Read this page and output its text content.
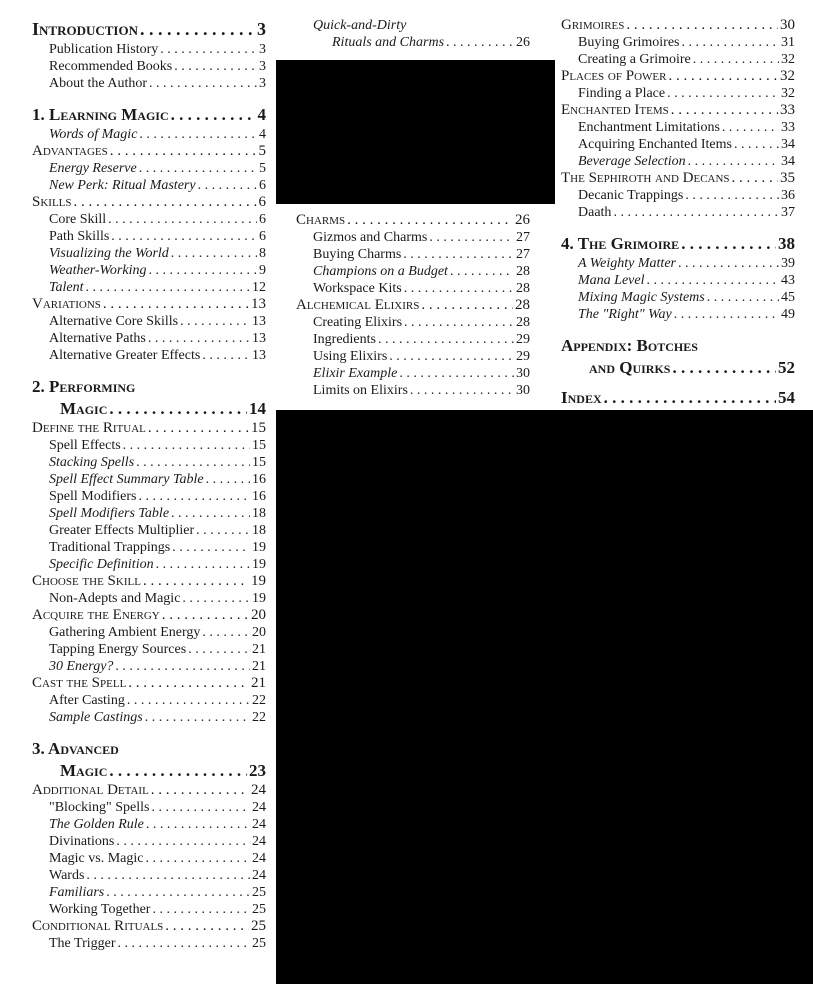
Introduction . . .	3
Publication History . . .	3
Recommended Books . . .	3
About the Author . . .	3
1. Learning Magic . . .	4
Words of Magic . . .	4
Advantages . . .	5
Energy Reserve . . .	5
New Perk: Ritual Mastery . . .	6
Skills . . .	6
Core Skill . . .	6
Path Skills . . .	6
Visualizing the World . . .	8
Weather-Working . . .	9
Talent . . .	12
Variations . . .	13
Alternative Core Skills . . .	13
Alternative Paths . . .	13
Alternative Greater Effects . . .	13
2. Performing
Magic . . .	14
Define the Ritual . . .	15
Spell Effects . . .	15
Stacking Spells . . .	15
Spell Effect Summary Table . . .	16
Spell Modifiers . . .	16
Spell Modifiers Table . . .	18
Greater Effects Multiplier . . .	18
Traditional Trappings . . .	19
Specific Definition . . .	19
Choose the Skill . . .	19
Non-Adepts and Magic . . .	19
Acquire the Energy . . .	20
Gathering Ambient Energy . . .	20
Tapping Energy Sources . . .	21
30 Energy? . . .	21
Cast the Spell . . .	21
After Casting . . .	22
Sample Castings . . .	22
3. Advanced
Magic . . .	23
Additional Detail . . .	24
"Blocking" Spells . . .	24
The Golden Rule . . .	24
Divinations . . .	24
Magic vs. Magic . . .	24
Wards . . .	24
Familiars . . .	25
Working Together . . .	25
Conditional Rituals . . .	25
The Trigger . . .	25
Quick-and-Dirty
Rituals and Charms . . .	26
Charms . . .	26
Gizmos and Charms . . .	27
Buying Charms . . .	27
Champions on a Budget . . .	28
Workspace Kits . . .	28
Alchemical Elixirs . . .	28
Creating Elixirs . . .	28
Ingredients . . .	29
Using Elixirs . . .	29
Elixir Example . . .	30
Limits on Elixirs . . .	30
Grimoires . . .	30
Buying Grimoires . . .	31
Creating a Grimoire . . .	32
Places of Power . . .	32
Finding a Place . . .	32
Enchanted Items . . .	33
Enchantment Limitations . . .	33
Acquiring Enchanted Items . . .	34
Beverage Selection . . .	34
The Sephiroth and Decans . . .	35
Decanic Trappings . . .	36
Daath . . .	37
4. The Grimoire . . .	38
A Weighty Matter . . .	39
Mana Level . . .	43
Mixing Magic Systems . . .	45
The "Right" Way . . .	49
Appendix: Botches
and Quirks . . .	52
Index . . .	54
